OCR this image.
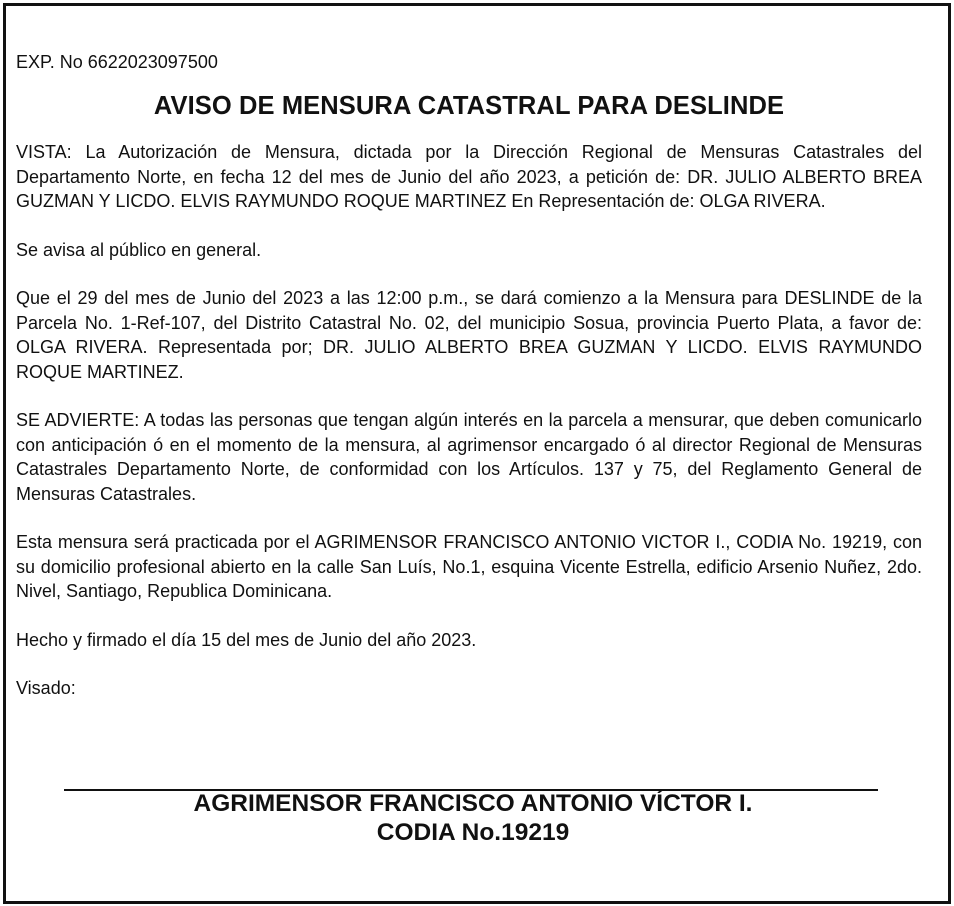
EXP. No 6622023097500

AVISO DE MENSURA CATASTRAL PARA DESLINDE

VISTA: La Autorización de Mensura, dictada por la Dirección Regional de Mensuras Catastrales del Departamento Norte, en fecha 12 del mes de Junio del año 2023, a petición de: DR. JULIO ALBERTO BREA GUZMAN Y LICDO. ELVIS RAYMUNDO ROQUE MARTINEZ En Representación de: OLGA RIVERA.

Se avisa al público en general.

Que el 29 del mes de Junio del 2023 a las 12:00 p.m., se dará comienzo a la Mensura para DESLINDE de la Parcela No. 1-Ref-107, del Distrito Catastral No. 02, del municipio Sosua, provincia Puerto Plata, a favor de: OLGA RIVERA. Representada por; DR. JULIO ALBERTO BREA GUZMAN Y LICDO. ELVIS RAYMUNDO ROQUE MARTINEZ.

SE ADVIERTE: A todas las personas que tengan algún interés en la parcela a mensurar, que deben comunicarlo con anticipación ó en el momento de la mensura, al agrimensor encargado ó al director Regional de Mensuras Catastrales Departamento Norte, de conformidad con los Artículos. 137 y 75, del Reglamento General de Mensuras Catastrales.

Esta mensura será practicada por el AGRIMENSOR FRANCISCO ANTONIO VICTOR I., CODIA No. 19219, con su domicilio profesional abierto en la calle San Luís, No.1, esquina Vicente Estrella, edificio Arsenio Nuñez, 2do. Nivel, Santiago, Republica Dominicana.

Hecho y firmado el día 15 del mes de Junio del año 2023.

Visado:

AGRIMENSOR FRANCISCO ANTONIO VÍCTOR I.
CODIA No.19219
